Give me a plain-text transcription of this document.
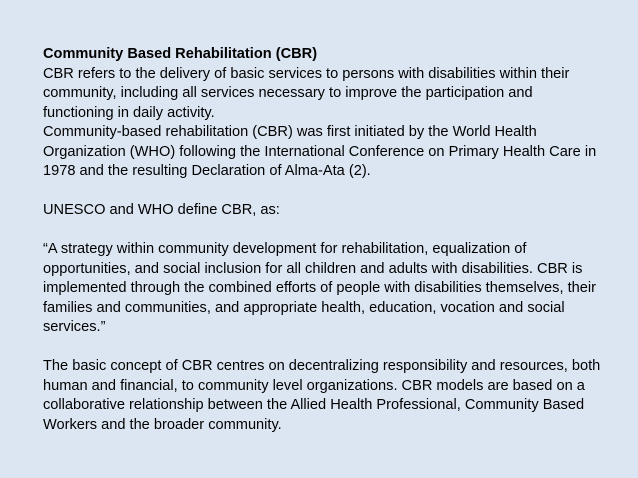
Community Based Rehabilitation (CBR)

CBR refers to the delivery of basic services to persons with disabilities within their community, including all services necessary to improve the participation and functioning in daily activity.

Community-based rehabilitation (CBR) was first initiated by the World Health Organization (WHO) following the International Conference on Primary Health Care in 1978 and the resulting Declaration of Alma-Ata (2).

UNESCO and WHO define CBR, as:

“A strategy within community development for rehabilitation, equalization of opportunities, and social inclusion for all children and adults with disabilities. CBR is implemented through the combined efforts of people with disabilities themselves, their families and communities, and appropriate health, education, vocation and social services.”

The basic concept of CBR centres on decentralizing responsibility and resources, both human and financial, to community level organizations. CBR models are based on a collaborative relationship between the Allied Health Professional, Community Based Workers and the broader community.
